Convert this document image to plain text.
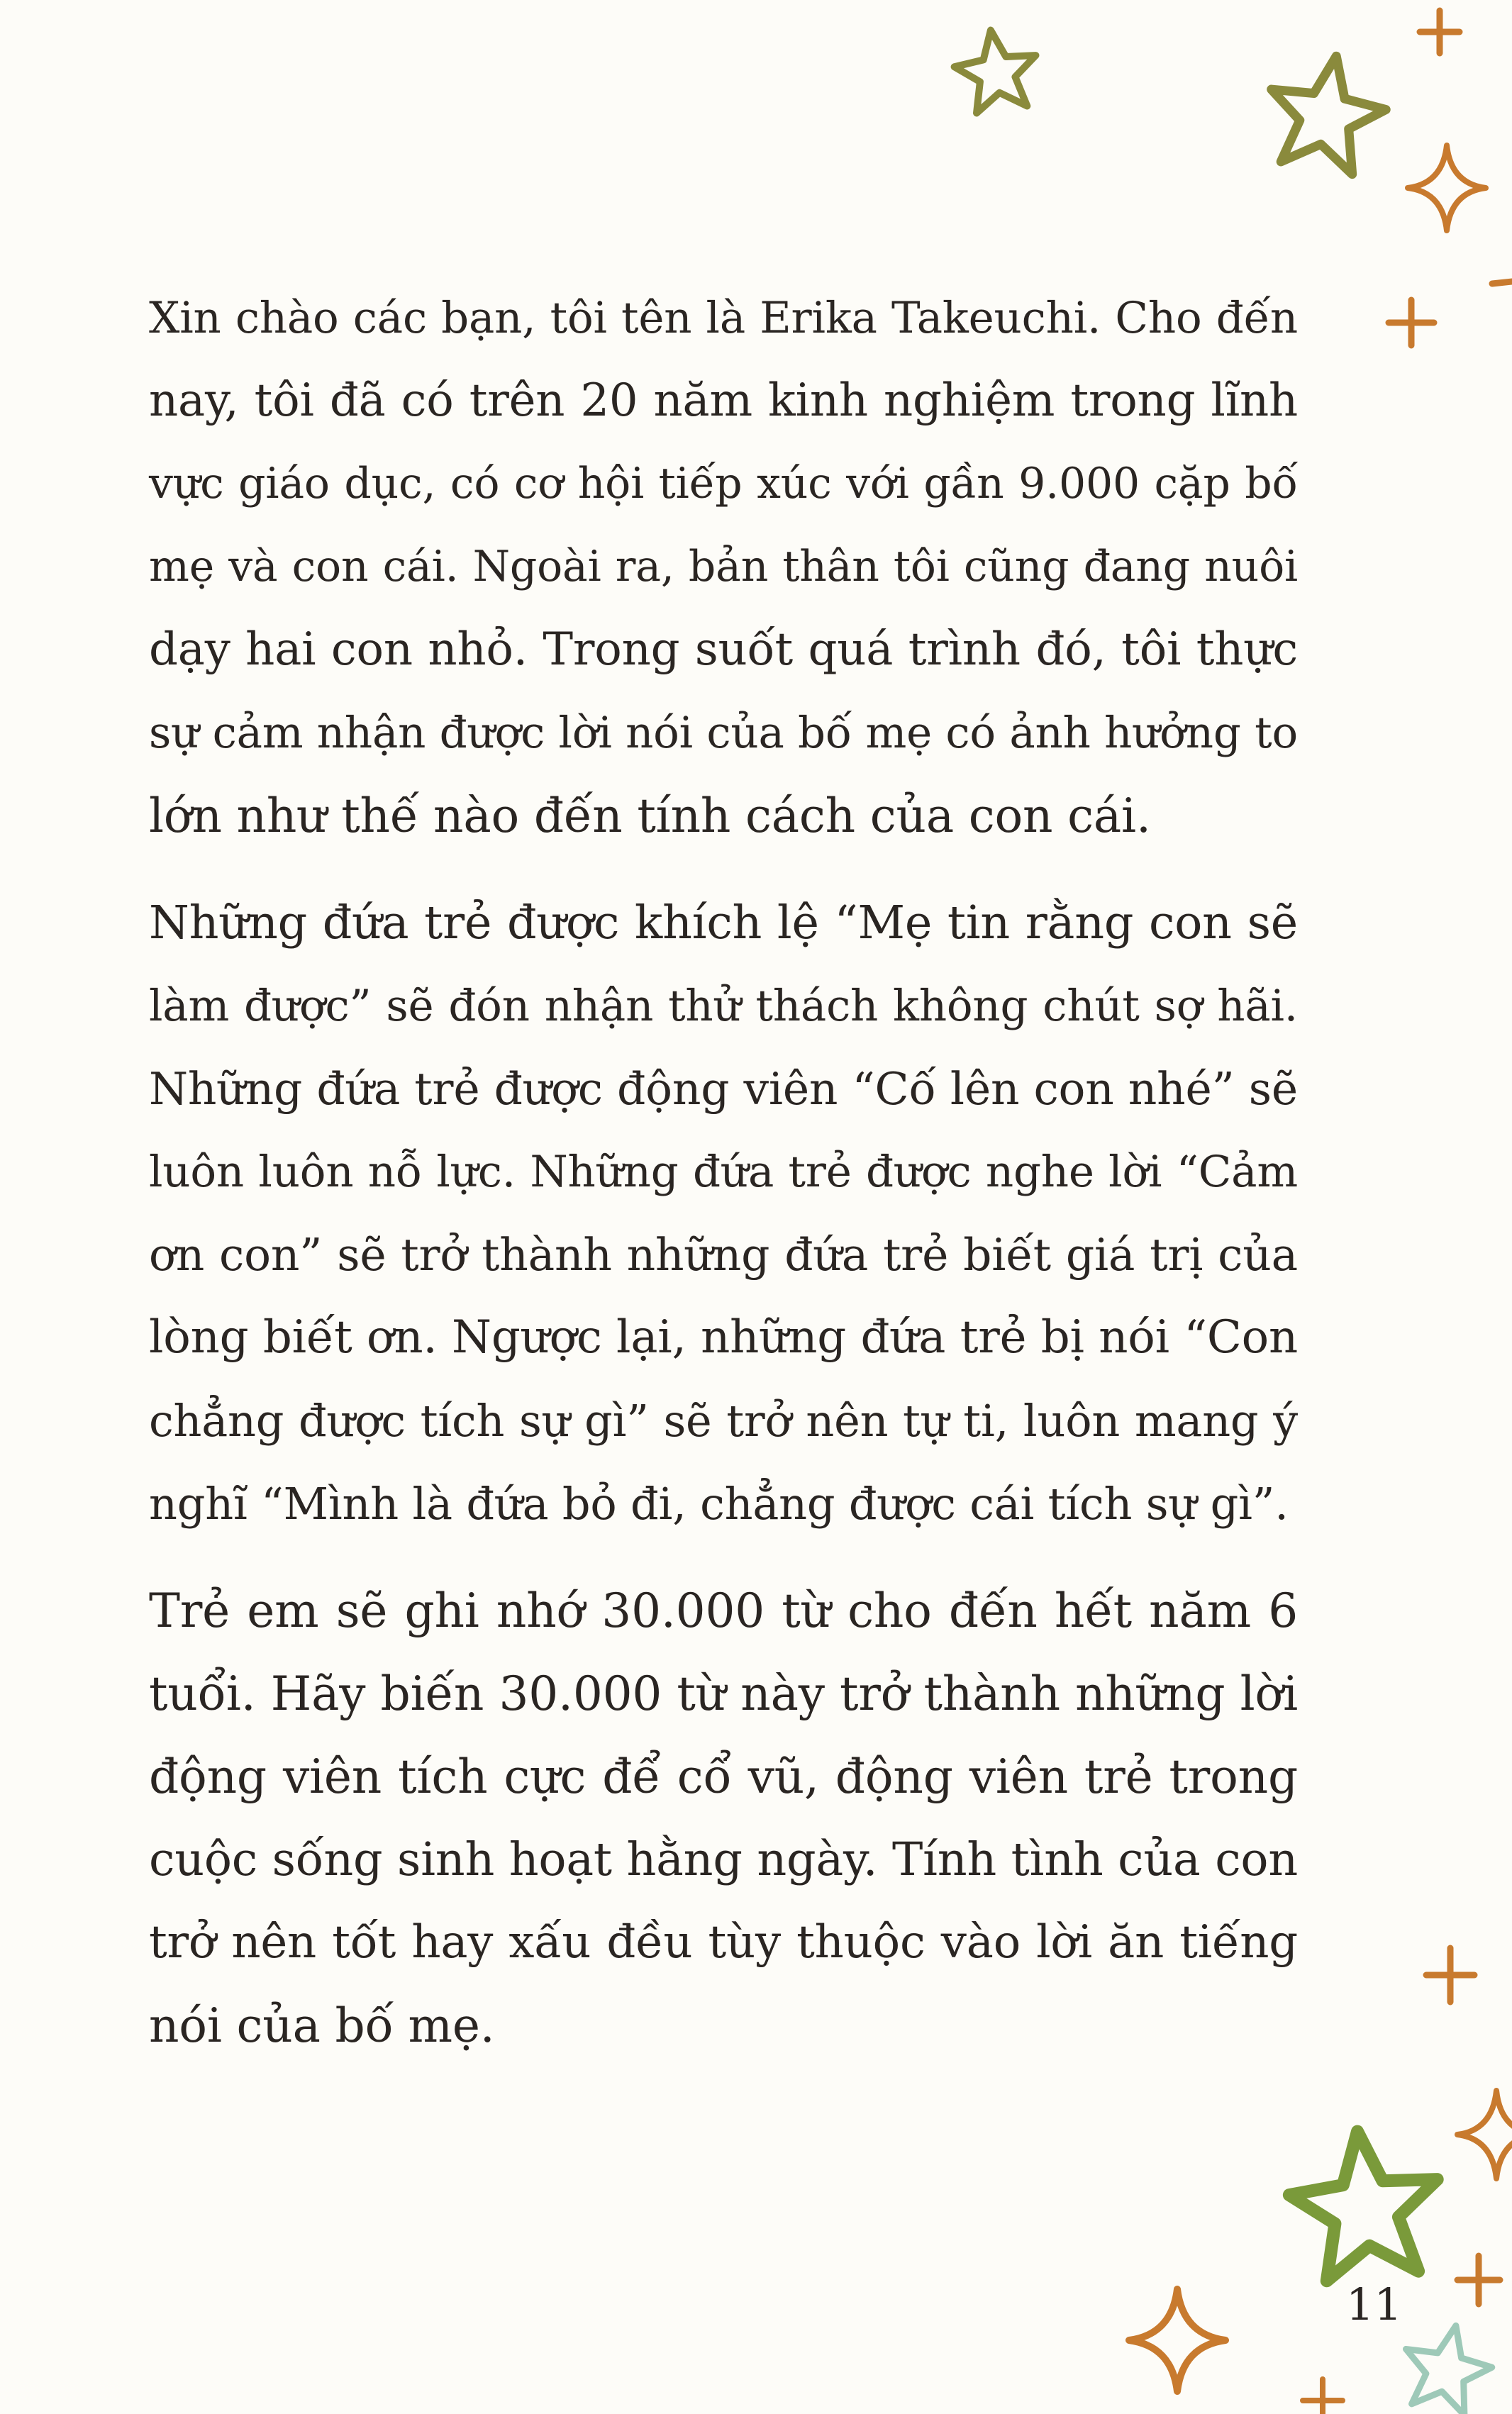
Xin chào các bạn, tôi tên là Erika Takeuchi. Cho đến
nay, tôi đã có trên 20 năm kinh nghiệm trong lĩnh
vực giáo dục, có cơ hội tiếp xúc với gần 9.000 cặp bố
mẹ và con cái. Ngoài ra, bản thân tôi cũng đang nuôi
dạy hai con nhỏ. Trong suốt quá trình đó, tôi thực
sự cảm nhận được lời nói của bố mẹ có ảnh hưởng to
lớn như thế nào đến tính cách của con cái.

Những đứa trẻ được khích lệ “Mẹ tin rằng con sẽ
làm được” sẽ đón nhận thử thách không chút sợ hãi.
Những đứa trẻ được động viên “Cố lên con nhé” sẽ
luôn luôn nỗ lực. Những đứa trẻ được nghe lời “Cảm
ơn con” sẽ trở thành những đứa trẻ biết giá trị của
lòng biết ơn. Ngược lại, những đứa trẻ bị nói “Con
chẳng được tích sự gì” sẽ trở nên tự ti, luôn mang ý
nghĩ “Mình là đứa bỏ đi, chẳng được cái tích sự gì”.

Trẻ em sẽ ghi nhớ 30.000 từ cho đến hết năm 6
tuổi. Hãy biến 30.000 từ này trở thành những lời
động viên tích cực để cổ vũ, động viên trẻ trong
cuộc sống sinh hoạt hằng ngày. Tính tình của con
trở nên tốt hay xấu đều tùy thuộc vào lời ăn tiếng
nói của bố mẹ.

11
